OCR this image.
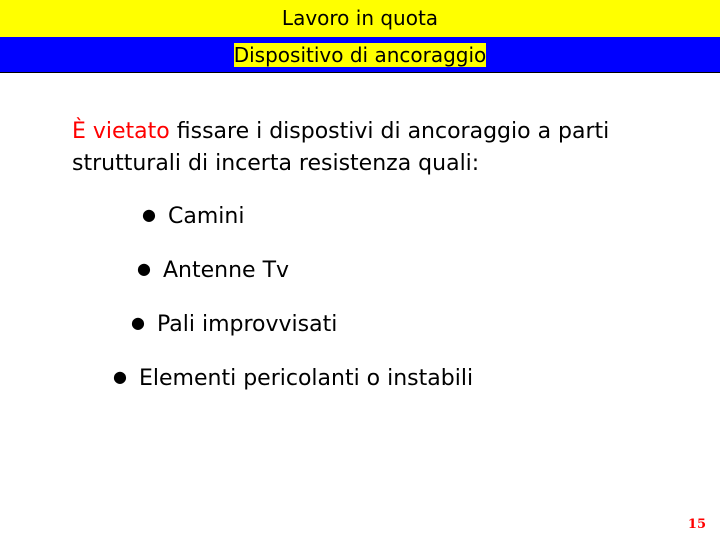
Lavoro in quota
Dispositivo di ancoraggio

È vietato fissare i dispostivi di ancoraggio a parti strutturali di incerta resistenza quali:

● Camini

● Antenne Tv

● Pali improvvisati

● Elementi pericolanti o instabili

15
